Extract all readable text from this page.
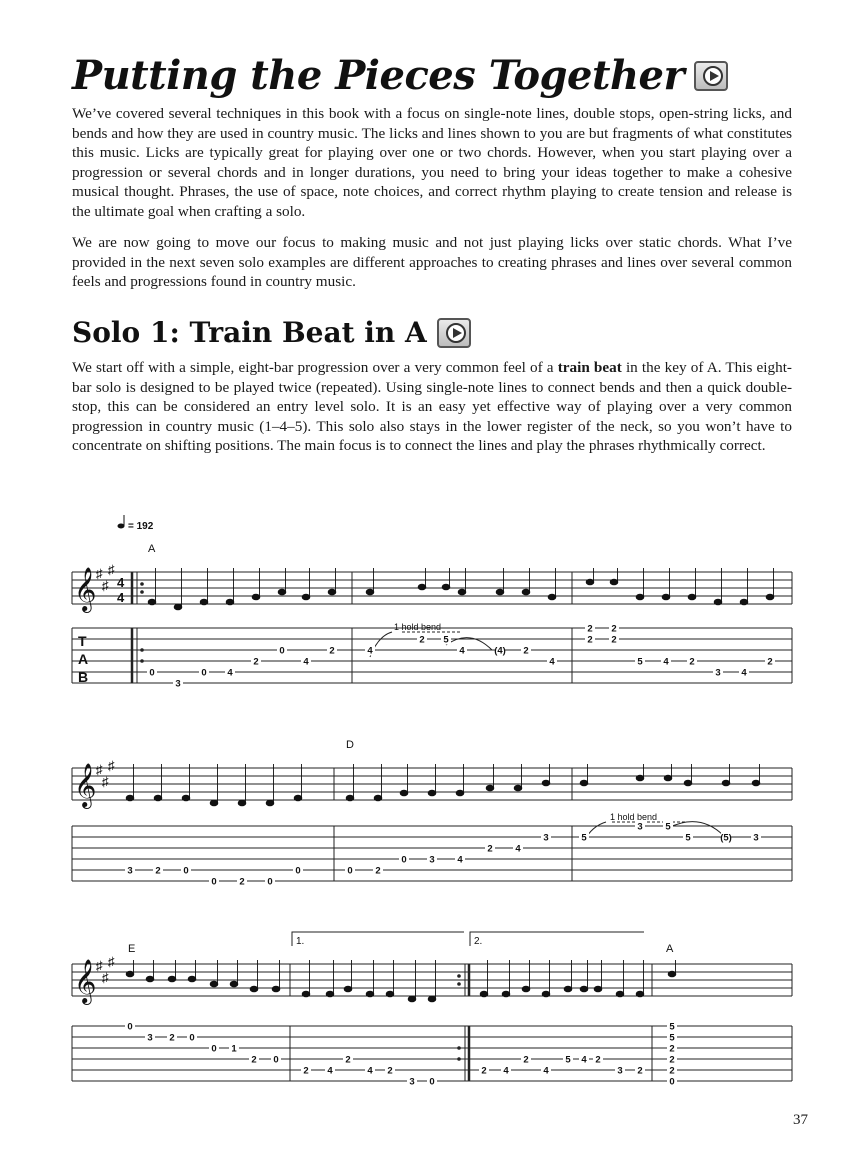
Putting the Pieces Together

We’ve covered several techniques in this book with a focus on single-note lines, double stops, open-string licks, and bends and how they are used in country music. The licks and lines shown to you are but fragments of what constitutes this music. Licks are typically great for playing over one or two chords. However, when you start playing over a progression or several chords and in longer durations, you need to bring your ideas together to make a cohesive musical thought. Phrases, the use of space, note choices, and correct rhythm playing to create tension and release is the ultimate goal when crafting a solo.

We are now going to move our focus to making music and not just playing licks over static chords. What I’ve provided in the next seven solo examples are different approaches to creating phrases and lines over several common feels and progressions found in country music.

Solo 1: Train Beat in A

We start off with a simple, eight-bar progression over a very common feel of a train beat in the key of A. This eight-bar solo is designed to be played twice (repeated). Using single-note lines to connect bends and then a quick double-stop, this can be considered an entry level solo. It is an easy yet effective way of playing over a very common progression in country music (1–4–5). This solo also stays in the lower register of the neck, so you won’t have to concentrate on shifting positions. The main focus is to connect the lines and play the phrases rhythmically correct.

𝄞
𝄞
𝄞
♯
♯
♯
♯
♯
♯
♯
♯
♯
4
4
T
A
B
= 192
A
D
E	A
1 hold bend
1 hold bend
1.	2.
0
3
0 4
2
0
4
2	4
2 5
4	(4) 2
4
2
2
2
2
5 4 2
3 4
2
3 2 0
0 2 0
0	0 2
0 3 4
2 4
3	5
3 5
5	(5) 3
0
3 2 0
0 1
2 0
2 4
2
4 2
3 0
2 4
2
4
5 4 2
3 2
5
5
2
2
2
0
37
